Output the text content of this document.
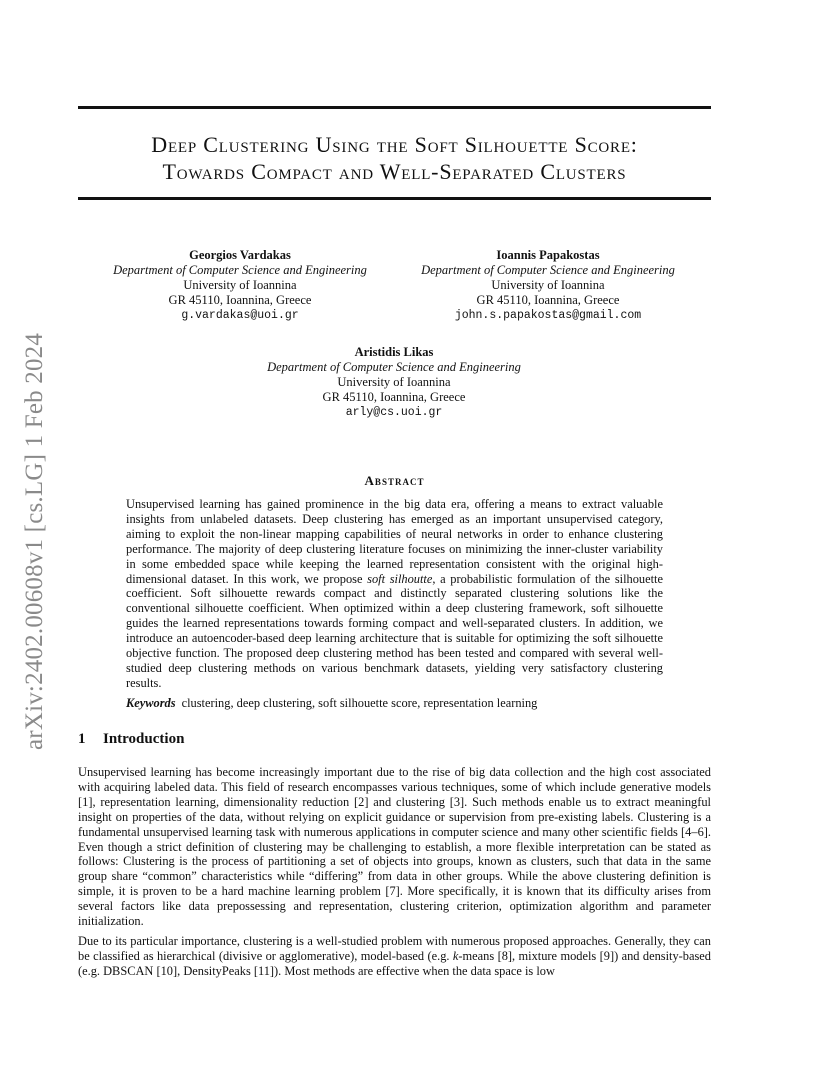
arXiv:2402.00608v1 [cs.LG] 1 Feb 2024
Deep Clustering Using the Soft Silhouette Score:
Towards Compact and Well-Separated Clusters
Georgios Vardakas
Department of Computer Science and Engineering
University of Ioannina
GR 45110, Ioannina, Greece
g.vardakas@uoi.gr
Ioannis Papakostas
Department of Computer Science and Engineering
University of Ioannina
GR 45110, Ioannina, Greece
john.s.papakostas@gmail.com
Aristidis Likas
Department of Computer Science and Engineering
University of Ioannina
GR 45110, Ioannina, Greece
arly@cs.uoi.gr
Abstract
Unsupervised learning has gained prominence in the big data era, offering a means to extract valuable insights from unlabeled datasets. Deep clustering has emerged as an important unsupervised category, aiming to exploit the non-linear mapping capabilities of neural networks in order to enhance clustering performance. The majority of deep clustering literature focuses on minimizing the inner-cluster variability in some embedded space while keeping the learned representation consistent with the original high-dimensional dataset. In this work, we propose soft silhoutte, a probabilistic formulation of the silhouette coefficient. Soft silhouette rewards compact and distinctly separated clustering solutions like the conventional silhouette coefficient. When optimized within a deep clustering framework, soft silhouette guides the learned representations towards forming compact and well-separated clusters. In addition, we introduce an autoencoder-based deep learning architecture that is suitable for optimizing the soft silhouette objective function. The proposed deep clustering method has been tested and compared with several well-studied deep clustering methods on various benchmark datasets, yielding very satisfactory clustering results.
Keywords clustering, deep clustering, soft silhouette score, representation learning
1 Introduction
Unsupervised learning has become increasingly important due to the rise of big data collection and the high cost associated with acquiring labeled data. This field of research encompasses various techniques, some of which include generative models [1], representation learning, dimensionality reduction [2] and clustering [3]. Such methods enable us to extract meaningful insight on properties of the data, without relying on explicit guidance or supervision from pre-existing labels. Clustering is a fundamental unsupervised learning task with numerous applications in computer science and many other scientific fields [4–6]. Even though a strict definition of clustering may be challenging to establish, a more flexible interpretation can be stated as follows: Clustering is the process of partitioning a set of objects into groups, known as clusters, such that data in the same group share “common” characteristics while “differing” from data in other groups. While the above clustering definition is simple, it is proven to be a hard machine learning problem [7]. More specifically, it is known that its difficulty arises from several factors like data prepossessing and representation, clustering criterion, optimization algorithm and parameter initialization.
Due to its particular importance, clustering is a well-studied problem with numerous proposed approaches. Generally, they can be classified as hierarchical (divisive or agglomerative), model-based (e.g. k-means [8], mixture models [9]) and density-based (e.g. DBSCAN [10], DensityPeaks [11]). Most methods are effective when the data space is low
